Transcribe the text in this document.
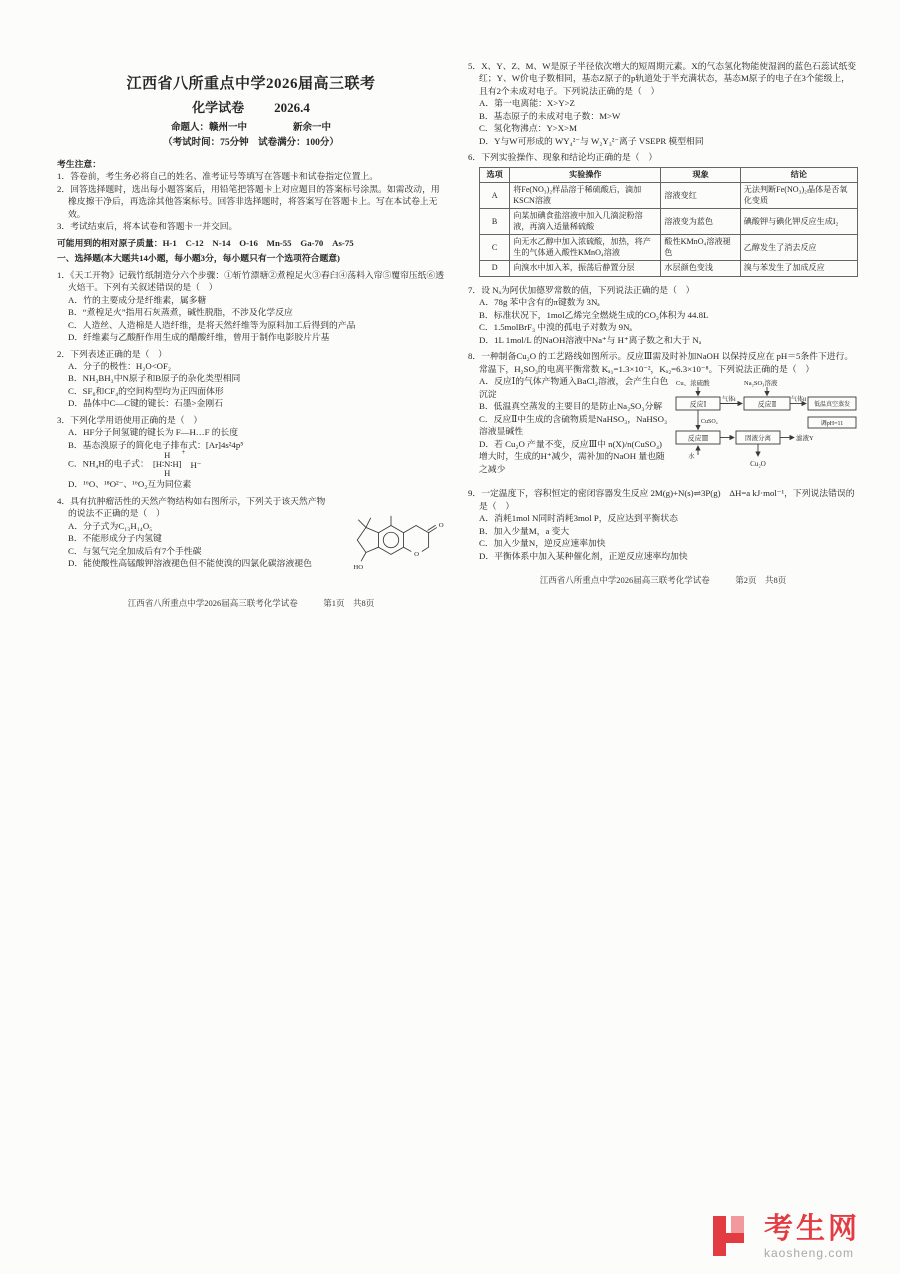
江西省八所重点中学2026届高三联考
化学试卷 2026.4
命题人：赣州一中	新余一中
（考试时间：75分钟　试卷满分：100分）
考生注意：
1．答卷前，考生务必将自己的姓名、准考证号等填写在答题卡和试卷指定位置上。
2．回答选择题时，选出每小题答案后，用铅笔把答题卡上对应题目的答案标号涂黑。如需改动，用橡皮擦干净后，再选涂其他答案标号。回答非选择题时，将答案写在答题卡上。写在本试卷上无效。
3．考试结束后，将本试卷和答题卡一并交回。
可能用到的相对原子质量：H-1　C-12　N-14　O-16　Mn-55　Ga-70　As-75
一、选择题(本大题共14小题，每小题3分，每小题只有一个选项符合题意)
1．《天工开物》记载竹纸制造分六个步骤：①斩竹漂塘②煮楻足火③舂臼④荡料入帘⑤覆帘压纸⑥透火焙干。下列有关叙述错误的是（　）
A．竹的主要成分是纤维素，属多糖
B．“煮楻足火”指用石灰蒸煮，碱性脱脂，不涉及化学反应
C．人造丝、人造棉是人造纤维，是将天然纤维等为原料加工后得到的产品
D．纤维素与乙酸酐作用生成的醋酸纤维，曾用于制作电影胶片片基
2．下列表述正确的是（　）
A．分子的极性：H₂O<OF₂
B．NH₃BH₃中N原子和B原子的杂化类型相同
C．SF₆和CF₄的空间构型均为正四面体形
D．晶体中C—C键的键长：石墨>金刚石
3．下列化学用语使用正确的是（　）
A．HF分子间氢键的键长为 F—H…F 的长度
B．基态溴原子的简化电子排布式：[Ar]4s²4p⁵
C．NH₄H的电子式：
H
[H∶N∶H]
H
+
H⁻
D．¹⁶O、¹⁸O²⁻、¹⁶O₂互为同位素
O
O
HO
4．具有抗肿瘤活性的天然产物结构如右图所示，下列关于该天然产物的说法不正确的是（　）
A．分子式为C₁₃H₁₄O₅
B．不能形成分子内氢键
C．与氢气完全加成后有7个手性碳
D．能使酸性高锰酸钾溶液褪色但不能使溴的四氯化碳溶液褪色
江西省八所重点中学2026届高三联考化学试卷　　　第1页　共8页
5．X、Y、Z、M、W是原子半径依次增大的短周期元素。X的气态氢化物能使湿润的蓝色石蕊试纸变红；Y、W价电子数相同，基态Z原子的p轨道处于半充满状态，基态M原子的电子在3个能级上，且有2个未成对电子。下列说法正确的是（　）
A．第一电离能：X>Y>Z
B．基态原子的未成对电子数：M>W
C．氢化物沸点：Y>X>M
D．Y与W可形成的 WY₄²⁻与 W₂Y₃²⁻离子 VSEPR 模型相同
6．下列实验操作、现象和结论均正确的是（　）
选项	实验操作	现象	结论
A	将Fe(NO₃)₂样品溶于稀硫酸后，滴加KSCN溶液	溶液变红	无法判断Fe(NO₃)₂晶体是否氧化变质
B	向某加碘食盐溶液中加入几滴淀粉溶液，再滴入适量稀硫酸	溶液变为蓝色	碘酸钾与碘化钾反应生成I₂
C	向无水乙醇中加入浓硫酸，加热，将产生的气体通入酸性KMnO₄溶液	酸性KMnO₄溶液褪色	乙醇发生了消去反应
D	向溴水中加入苯，振荡后静置分层	水层颜色变浅	溴与苯发生了加成反应
7．设 Nₐ为阿伏加德罗常数的值，下列说法正确的是（　）
A．78g 苯中含有的π键数为 3Nₐ
B．标准状况下，1mol乙烯完全燃烧生成的CO₂体积为 44.8L
C．1.5molBrF₃ 中溴的孤电子对数为 9Nₐ
D．1L 1mol/L 的NaOH溶液中Na⁺与 H⁺离子数之和大于 Nₐ
8．一种制备Cu₂O 的工艺路线如图所示。反应Ⅲ需及时补加NaOH 以保持反应在 pH＝5条件下进行。常温下，H₂SO₃的电离平衡常数 Kₐ₁=1.3×10⁻²，Kₐ₂=6.3×10⁻⁸。下列说法正确的是（　）
Cu、浓硫酸	Na₂SO₃溶液
反应Ⅰ
气体i
反应Ⅱ
气体ii
低温真空蒸发
CuSO₄	调pH=11
反应Ⅲ	固液分离	滤液Y
Cu₂O
水
A．反应Ⅰ的气体产物通入BaCl₂溶液，会产生白色沉淀
B．低温真空蒸发的主要目的是防止Na₂SO₃分解
C．反应Ⅱ中生成的含硫物质是NaHSO₃，NaHSO₃溶液显碱性
D．若 Cu₂O 产量不变，反应Ⅲ中 n(X)/n(CuSO₄) 增大时，生成的H⁺减少，需补加的NaOH 量也随之减少
9．一定温度下，容积恒定的密闭容器发生反应 2M(g)+N(s)⇌3P(g)　ΔH=a kJ·mol⁻¹，下列说法错误的是（　）
A．消耗1mol N同时消耗3mol P，反应达到平衡状态
B．加入少量M，a 变大
C．加入少量N，逆反应速率加快
D．平衡体系中加入某种催化剂，正逆反应速率均加快
江西省八所重点中学2026届高三联考化学试卷　　　第2页　共8页
考生网
kaosheng.com
